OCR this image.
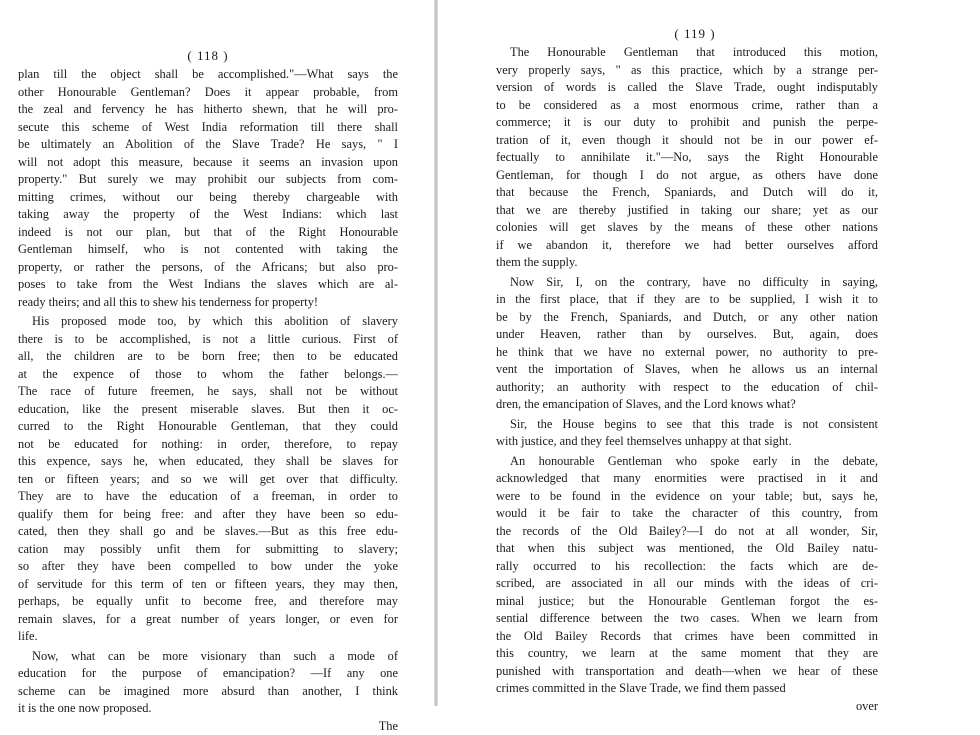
( 118 )
plan till the object shall be accomplished."—What says the
other Honourable Gentleman? Does it appear probable, from
the zeal and fervency he has hitherto shewn, that he will pro-
secute this scheme of West India reformation till there shall
be ultimately an Abolition of the Slave Trade? He says, " I
will not adopt this measure, because it seems an invasion upon
property." But surely we may prohibit our subjects from com-
mitting crimes, without our being thereby chargeable with
taking away the property of the West Indians: which last
indeed is not our plan, but that of the Right Honourable
Gentleman himself, who is not contented with taking the
property, or rather the persons, of the Africans; but also pro-
poses to take from the West Indians the slaves which are al-
ready theirs; and all this to shew his tenderness for property!
His proposed mode too, by which this abolition of slavery
there is to be accomplished, is not a little curious. First of
all, the children are to be born free; then to be educated
at the expence of those to whom the father belongs.—
The race of future freemen, he says, shall not be without
education, like the present miserable slaves. But then it oc-
curred to the Right Honourable Gentleman, that they could
not be educated for nothing: in order, therefore, to repay
this expence, says he, when educated, they shall be slaves for
ten or fifteen years; and so we will get over that difficulty.
They are to have the education of a freeman, in order to
qualify them for being free: and after they have been so edu-
cated, then they shall go and be slaves.—But as this free edu-
cation may possibly unfit them for submitting to slavery;
so after they have been compelled to bow under the yoke
of servitude for this term of ten or fifteen years, they may then,
perhaps, be equally unfit to become free, and therefore may
remain slaves, for a great number of years longer, or even for
life.
Now, what can be more visionary than such a mode of
education for the purpose of emancipation? —If any one
scheme can be imagined more absurd than another, I think
it is the one now proposed.
The
( 119 )
The Honourable Gentleman that introduced this motion,
very properly says, " as this practice, which by a strange per-
version of words is called the Slave Trade, ought indisputably
to be considered as a most enormous crime, rather than a
commerce; it is our duty to prohibit and punish the perpe-
tration of it, even though it should not be in our power ef-
fectually to annihilate it."—No, says the Right Honourable
Gentleman, for though I do not argue, as others have done
that because the French, Spaniards, and Dutch will do it,
that we are thereby justified in taking our share; yet as our
colonies will get slaves by the means of these other nations
if we abandon it, therefore we had better ourselves afford
them the supply.
Now Sir, I, on the contrary, have no difficulty in saying,
in the first place, that if they are to be supplied, I wish it to
be by the French, Spaniards, and Dutch, or any other nation
under Heaven, rather than by ourselves. But, again, does
he think that we have no external power, no authority to pre-
vent the importation of Slaves, when he allows us an internal
authority; an authority with respect to the education of chil-
dren, the emancipation of Slaves, and the Lord knows what?
Sir, the House begins to see that this trade is not consistent
with justice, and they feel themselves unhappy at that sight.
An honourable Gentleman who spoke early in the debate,
acknowledged that many enormities were practised in it and
were to be found in the evidence on your table; but, says he,
would it be fair to take the character of this country, from
the records of the Old Bailey?—I do not at all wonder, Sir,
that when this subject was mentioned, the Old Bailey natu-
rally occurred to his recollection: the facts which are de-
scribed, are associated in all our minds with the ideas of cri-
minal justice; but the Honourable Gentleman forgot the es-
sential difference between the two cases. When we learn from
the Old Bailey Records that crimes have been committed in
this country, we learn at the same moment that they are
punished with transportation and death—when we hear of these
crimes committed in the Slave Trade, we find them passed
over
